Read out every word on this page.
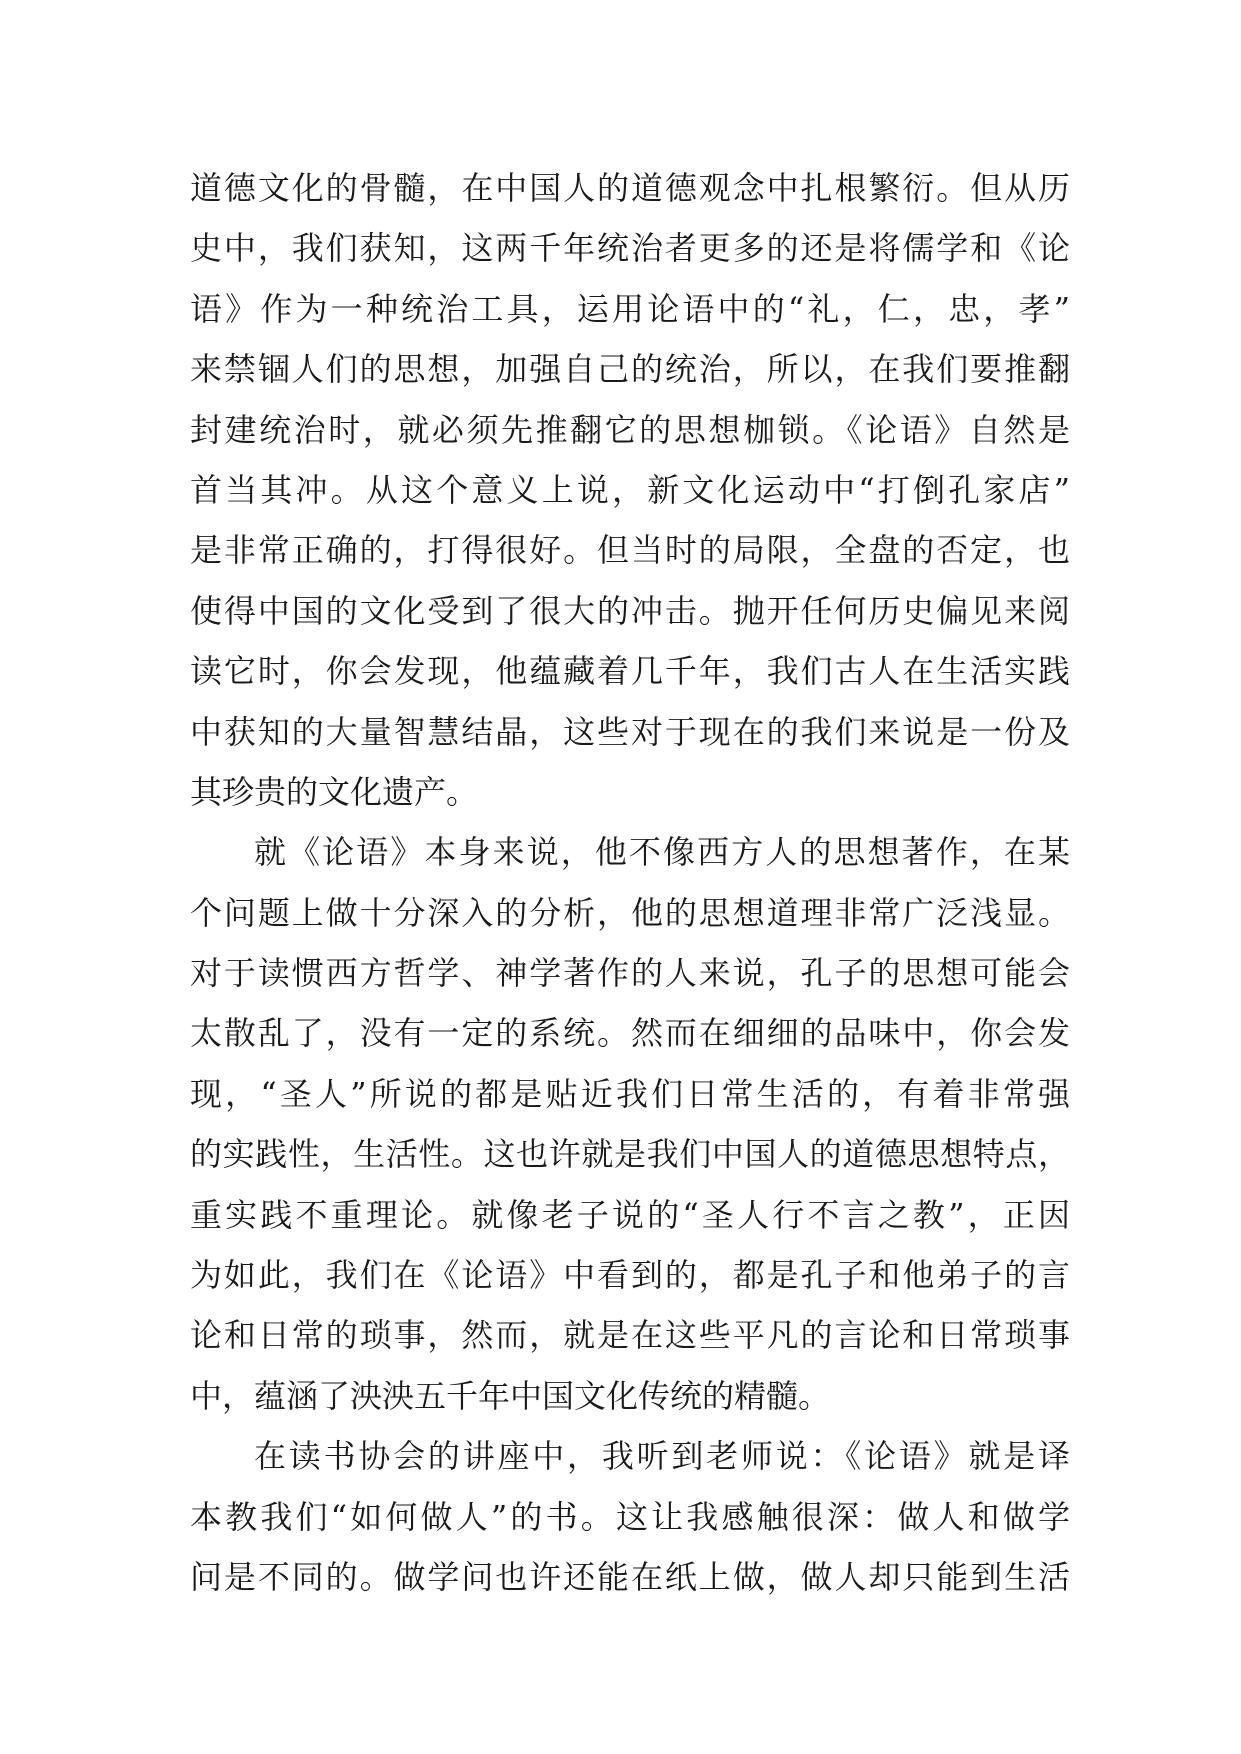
道德文化的骨髓，在中国人的道德观念中扎根繁衍。但从历
史中，我们获知，这两千年统治者更多的还是将儒学和《论
语》作为一种统治工具，运用论语中的“礼，仁，忠，孝”
来禁锢人们的思想，加强自己的统治，所以，在我们要推翻
封建统治时，就必须先推翻它的思想枷锁。《论语》自然是
首当其冲。从这个意义上说，新文化运动中“打倒孔家店”
是非常正确的，打得很好。但当时的局限，全盘的否定，也
使得中国的文化受到了很大的冲击。抛开任何历史偏见来阅
读它时，你会发现，他蕴藏着几千年，我们古人在生活实践
中获知的大量智慧结晶，这些对于现在的我们来说是一份及
其珍贵的文化遗产。
就《论语》本身来说，他不像西方人的思想著作，在某
个问题上做十分深入的分析，他的思想道理非常广泛浅显。
对于读惯西方哲学、神学著作的人来说，孔子的思想可能会
太散乱了，没有一定的系统。然而在细细的品味中，你会发
现，“圣人”所说的都是贴近我们日常生活的，有着非常强
的实践性，生活性。这也许就是我们中国人的道德思想特点，
重实践不重理论。就像老子说的“圣人行不言之教”，正因
为如此，我们在《论语》中看到的，都是孔子和他弟子的言
论和日常的琐事，然而，就是在这些平凡的言论和日常琐事
中，蕴涵了泱泱五千年中国文化传统的精髓。
在读书协会的讲座中，我听到老师说：《论语》就是译
本教我们“如何做人”的书。这让我感触很深：做人和做学
问是不同的。做学问也许还能在纸上做，做人却只能到生活
